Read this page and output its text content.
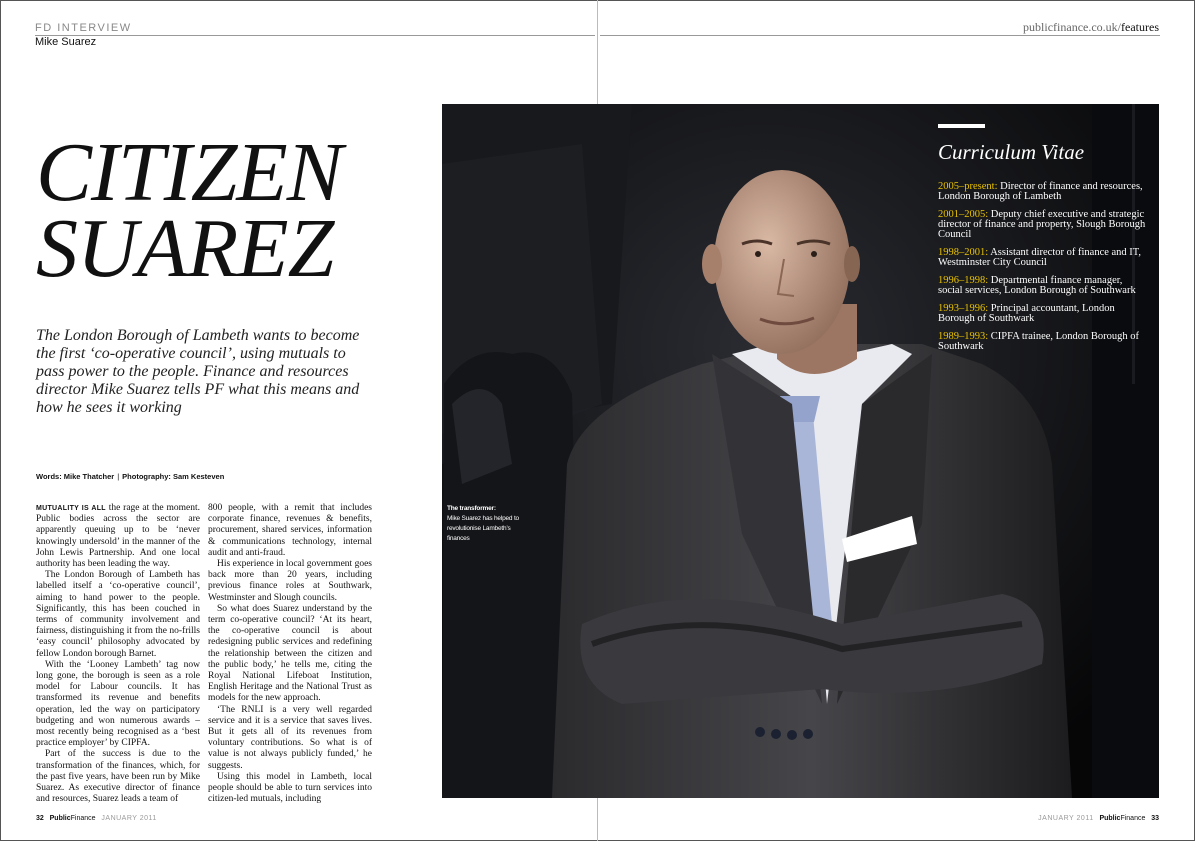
FD INTERVIEW
Mike Suarez
publicfinance.co.uk/features
CITIZEN
SUAREZ

The London Borough of Lambeth wants to become the first ‘co-operative council’, using mutuals to pass power to the people. Finance and resources director Mike Suarez tells PF what this means and how he sees it working

Words: Mike Thatcher | Photography: Sam Kesteven

MUTUALITY IS ALL the rage at the moment. Public bodies across the sector are apparently queuing up to be ‘never knowingly undersold’ in the manner of the John Lewis Partnership. And one local authority has been leading the way.

The London Borough of Lambeth has labelled itself a ‘co-operative council’, aiming to hand power to the people. Significantly, this has been couched in terms of community involvement and fairness, distinguishing it from the no-frills ‘easy council’ philosophy advocated by fellow London borough Barnet.

With the ‘Looney Lambeth’ tag now long gone, the borough is seen as a role model for Labour councils. It has transformed its revenue and benefits operation, led the way on participatory budgeting and won numerous awards – most recently being recognised as a ‘best practice employer’ by CIPFA.

Part of the success is due to the transformation of the finances, which, for the past five years, have been run by Mike Suarez. As executive director of finance and resources, Suarez leads a team of

800 people, with a remit that includes corporate finance, revenues & benefits, procurement, shared services, information & communications technology, internal audit and anti-fraud.

His experience in local government goes back more than 20 years, including previous finance roles at Southwark, Westminster and Slough councils.

So what does Suarez understand by the term co-operative council? ‘At its heart, the co-operative council is about redesigning public services and redefining the relationship between the citizen and the public body,’ he tells me, citing the Royal National Lifeboat Institution, English Heritage and the National Trust as models for the new approach.

‘The RNLI is a very well regarded service and it is a service that saves lives. But it gets all of its revenues from voluntary contributions. So what is of value is not always publicly funded,’ he suggests.

Using this model in Lambeth, local people should be able to turn services into citizen-led mutuals, including

Curriculum Vitae
2005–present: Director of finance and resources, London Borough of Lambeth
2001–2005: Deputy chief executive and strategic director of finance and property, Slough Borough Council
1998–2001: Assistant director of finance and IT, Westminster City Council
1996–1998: Departmental finance manager, social services, London Borough of Southwark
1993–1996: Principal accountant, London Borough of Southwark
1989–1993: CIPFA trainee, London Borough of Southwark
The transformer:
Mike Suarez has helped to revolutionise Lambeth’s finances
32 PublicFinance JANUARY 2011	JANUARY 2011 PublicFinance 33
